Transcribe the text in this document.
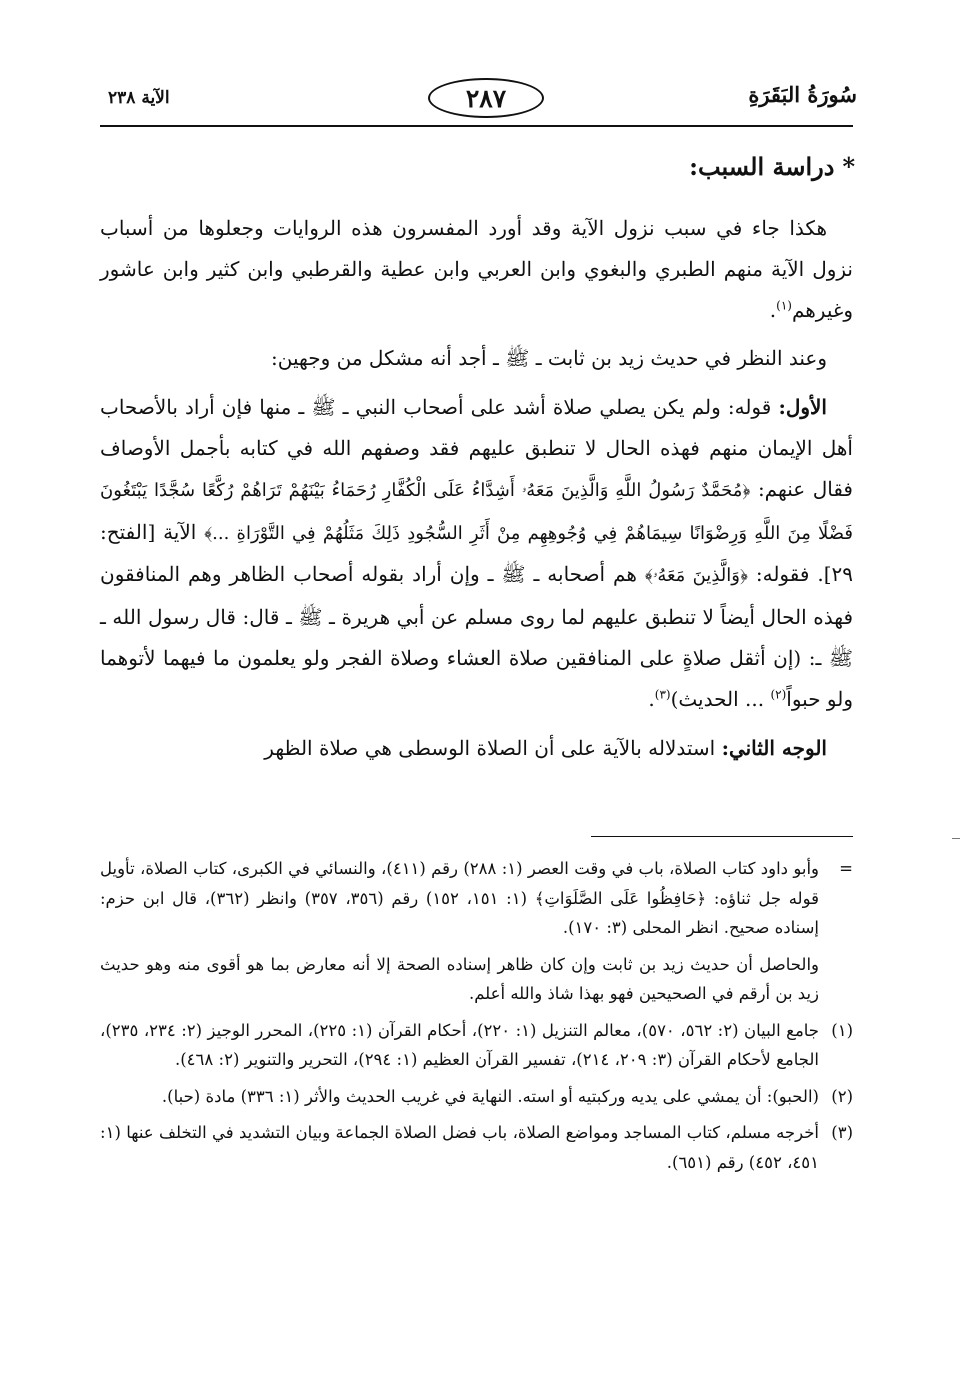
سُورَةُ البَقَرَةِ
٢٨٧
الآية ٢٣٨
*دراسة السبب:

هكذا جاء في سبب نزول الآية وقد أورد المفسرون هذه الروايات وجعلوها من أسباب نزول الآية منهم الطبري والبغوي وابن العربي وابن عطية والقرطبي وابن كثير وابن عاشور وغيرهم$^{(١)}$.

وعند النظر في حديث زيد بن ثابت ـ ﷺ ـ أجد أنه مشكل من وجهين:

الأول: قوله: ولم يكن يصلي صلاة أشد على أصحاب النبي ـ ﷺ ـ منها فإن أراد بالأصحاب أهل الإيمان منهم فهذه الحال لا تنطبق عليهم فقد وصفهم الله في كتابه بأجمل الأوصاف فقال عنهم: ﴿مُحَمَّدٌ رَسُولُ اللَّهِ وَالَّذِينَ مَعَهُۥ أَشِدَّاءُ عَلَى الْكُفَّارِ رُحَمَاءُ بَيْنَهُمْ تَرَاهُمْ رُكَّعًا سُجَّدًا يَبْتَغُونَ فَضْلًا مِنَ اللَّهِ وَرِضْوَانًا سِيمَاهُمْ فِي وُجُوهِهِم مِنْ أَثَرِ السُّجُودِ ذَلِكَ مَثَلُهُمْ فِي التَّوْرَاةِ ...﴾ الآية [الفتح: ٢٩]. فقوله: ﴿وَالَّذِينَ مَعَهُۥ﴾ هم أصحابه ـ ﷺ ـ وإن أراد بقوله أصحاب الظاهر وهم المنافقون فهذه الحال أيضاً لا تنطبق عليهم لما روى مسلم عن أبي هريرة ـ ﷺ ـ قال: قال رسول الله ـ ﷺ ـ: (إن أثقل صلاةٍ على المنافقين صلاة العشاء وصلاة الفجر ولو يعلمون ما فيهما لأتوهما ولو حبواً$^{(٢)}$ ... الحديث)$^{(٣)}$.

الوجه الثاني: استدلاله بالآية على أن الصلاة الوسطى هي صلاة الظهر

=
وأبو داود كتاب الصلاة، باب في وقت العصر (١: ٢٨٨) رقم (٤١١)، والنسائي في الكبرى، كتاب الصلاة، تأويل قوله جل ثناؤه: ﴿حَافِظُوا عَلَى الصَّلَوَاتِ﴾ (١: ١٥١، ١٥٢) رقم (٣٥٦، ٣٥٧) وانظر (٣٦٢)، قال ابن حزم: إسناده صحيح. انظر المحلى (٣: ١٧٠).
والحاصل أن حديث زيد بن ثابت وإن كان ظاهر إسناده الصحة إلا أنه معارض بما هو أقوى منه وهو حديث زيد بن أرقم في الصحيحين فهو بهذا شاذ والله أعلم.
(١)
جامع البيان (٢: ٥٦٢، ٥٧٠)، معالم التنزيل (١: ٢٢٠)، أحكام القرآن (١: ٢٢٥)، المحرر الوجيز (٢: ٢٣٤، ٢٣٥)، الجامع لأحكام القرآن (٣: ٢٠٩، ٢١٤)، تفسير القرآن العظيم (١: ٢٩٤)، التحرير والتنوير (٢: ٤٦٨).
(٢)
(الحبو): أن يمشي على يديه وركبتيه أو استه. النهاية في غريب الحديث والأثر (١: ٣٣٦) مادة (حبا).
(٣)
أخرجه مسلم، كتاب المساجد ومواضع الصلاة، باب فضل الصلاة الجماعة وبيان التشديد في التخلف عنها (١: ٤٥١، ٤٥٢) رقم (٦٥١).
